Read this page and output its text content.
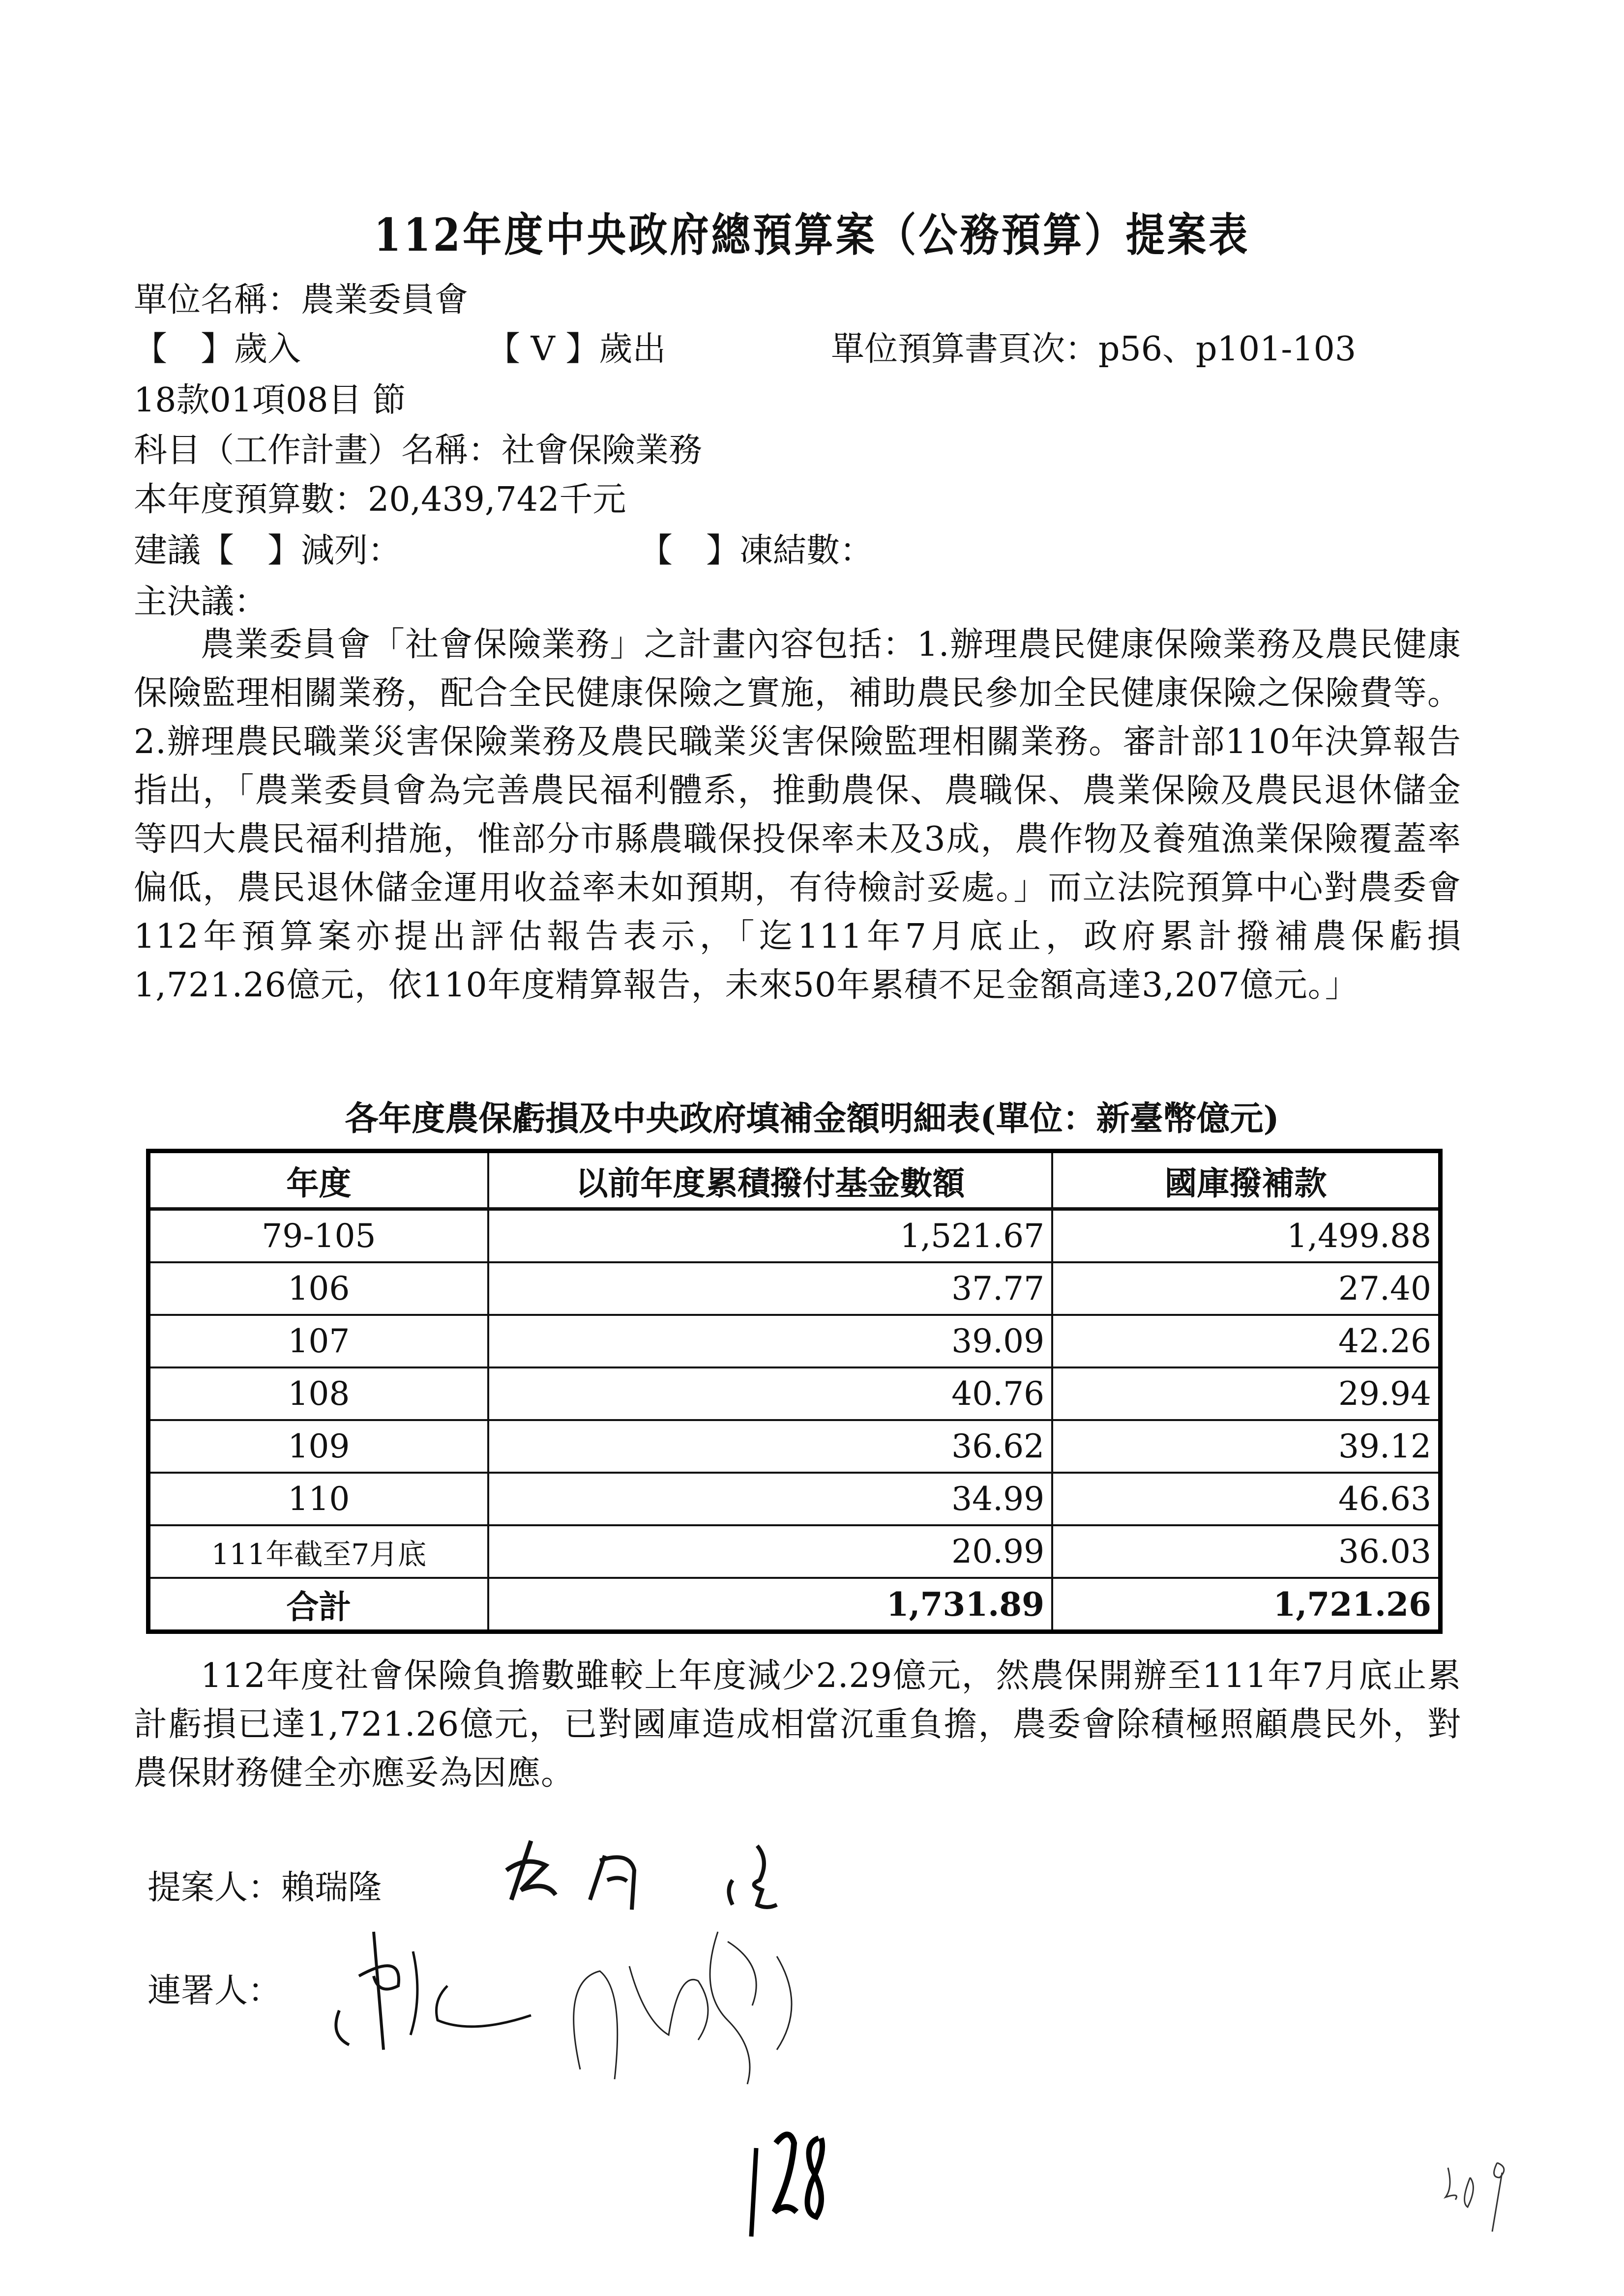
112年度中央政府總預算案（公務預算）提案表
單位名稱：農業委員會
【　】歲入	【 V 】歲出	單位預算書頁次：p56、p101-103
18款01項08目 節
科目（工作計畫）名稱：社會保險業務
本年度預算數：20,439,742千元
建議【　】減列：	【　】凍結數：
主決議：
農業委員會「社會保險業務」之計畫內容包括：1.辦理農民健康保險業務及農民健康保險監理相關業務，配合全民健康保險之實施，補助農民參加全民健康保險之保險費等。2.辦理農民職業災害保險業務及農民職業災害保險監理相關業務。審計部110年決算報告指出，「農業委員會為完善農民福利體系，推動農保、農職保、農業保險及農民退休儲金等四大農民福利措施，惟部分市縣農職保投保率未及3成，農作物及養殖漁業保險覆蓋率偏低，農民退休儲金運用收益率未如預期，有待檢討妥處。」而立法院預算中心對農委會112年預算案亦提出評估報告表示，「迄111年7月底止，政府累計撥補農保虧損1,721.26億元，依110年度精算報告，未來50年累積不足金額高達3,207億元。」
各年度農保虧損及中央政府填補金額明細表(單位：新臺幣億元)
年度	以前年度累積撥付基金數額	國庫撥補款
79-105	1,521.67	1,499.88
106	37.77	27.40
107	39.09	42.26
108	40.76	29.94
109	36.62	39.12
110	34.99	46.63
111年截至7月底	20.99	36.03
合計	1,731.89	1,721.26
112年度社會保險負擔數雖較上年度減少2.29億元，然農保開辦至111年7月底止累計虧損已達1,721.26億元，已對國庫造成相當沉重負擔，農委會除積極照顧農民外，對農保財務健全亦應妥為因應。
提案人：賴瑞隆
連署人：
